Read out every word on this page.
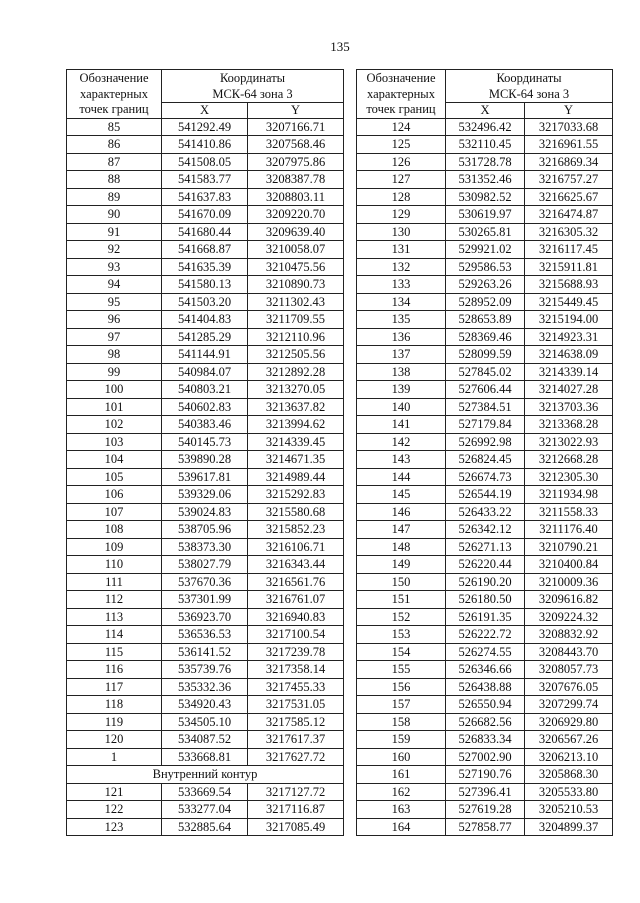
135
Обозначение
характерных
точек границ	Координаты
МСК-64 зона 3	
	X	Y
85	541292.49	3207166.71
86	541410.86	3207568.46
87	541508.05	3207975.86
88	541583.77	3208387.78
89	541637.83	3208803.11
90	541670.09	3209220.70
91	541680.44	3209639.40
92	541668.87	3210058.07
93	541635.39	3210475.56
94	541580.13	3210890.73
95	541503.20	3211302.43
96	541404.83	3211709.55
97	541285.29	3212110.96
98	541144.91	3212505.56
99	540984.07	3212892.28
100	540803.21	3213270.05
101	540602.83	3213637.82
102	540383.46	3213994.62
103	540145.73	3214339.45
104	539890.28	3214671.35
105	539617.81	3214989.44
106	539329.06	3215292.83
107	539024.83	3215580.68
108	538705.96	3215852.23
109	538373.30	3216106.71
110	538027.79	3216343.44
111	537670.36	3216561.76
112	537301.99	3216761.07
113	536923.70	3216940.83
114	536536.53	3217100.54
115	536141.52	3217239.78
116	535739.76	3217358.14
117	535332.36	3217455.33
118	534920.43	3217531.05
119	534505.10	3217585.12
120	534087.52	3217617.37
1	533668.81	3217627.72
Внутренний контур		
121	533669.54	3217127.72
122	533277.04	3217116.87
123	532885.64	3217085.49
Обозначение
характерных
точек границ	Координаты
МСК-64 зона 3	
	X	Y
124	532496.42	3217033.68
125	532110.45	3216961.55
126	531728.78	3216869.34
127	531352.46	3216757.27
128	530982.52	3216625.67
129	530619.97	3216474.87
130	530265.81	3216305.32
131	529921.02	3216117.45
132	529586.53	3215911.81
133	529263.26	3215688.93
134	528952.09	3215449.45
135	528653.89	3215194.00
136	528369.46	3214923.31
137	528099.59	3214638.09
138	527845.02	3214339.14
139	527606.44	3214027.28
140	527384.51	3213703.36
141	527179.84	3213368.28
142	526992.98	3213022.93
143	526824.45	3212668.28
144	526674.73	3212305.30
145	526544.19	3211934.98
146	526433.22	3211558.33
147	526342.12	3211176.40
148	526271.13	3210790.21
149	526220.44	3210400.84
150	526190.20	3210009.36
151	526180.50	3209616.82
152	526191.35	3209224.32
153	526222.72	3208832.92
154	526274.55	3208443.70
155	526346.66	3208057.73
156	526438.88	3207676.05
157	526550.94	3207299.74
158	526682.56	3206929.80
159	526833.34	3206567.26
160	527002.90	3206213.10
161	527190.76	3205868.30
162	527396.41	3205533.80
163	527619.28	3205210.53
164	527858.77	3204899.37
